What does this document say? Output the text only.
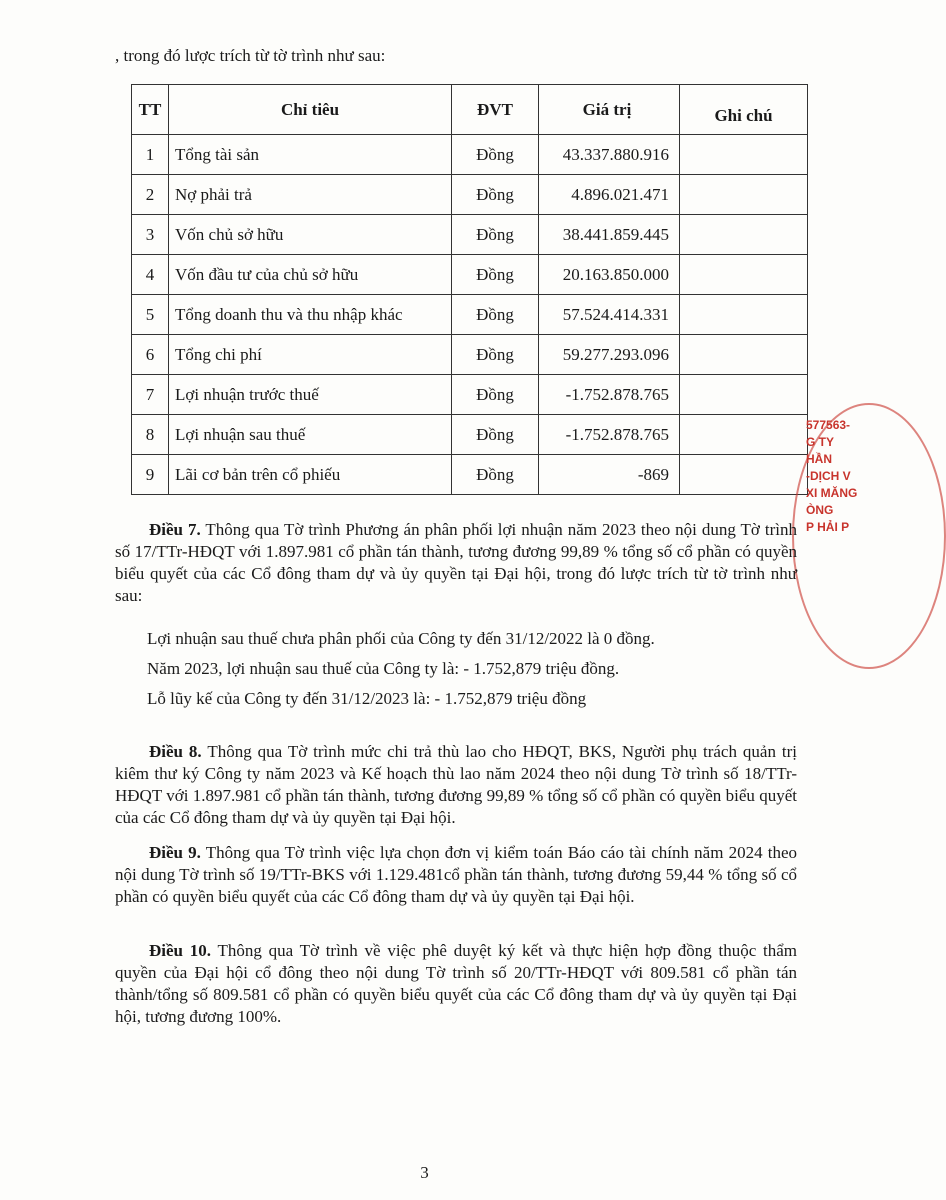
, trong đó lược trích từ tờ trình như sau:
TT	Chỉ tiêu	ĐVT	Giá trị	Ghi chú
1	Tổng tài sản	Đồng	43.337.880.916	
2	Nợ phải trả	Đồng	4.896.021.471	
3	Vốn chủ sở hữu	Đồng	38.441.859.445	
4	Vốn đầu tư của chủ sở hữu	Đồng	20.163.850.000	
5	Tổng doanh thu và thu nhập khác	Đồng	57.524.414.331	
6	Tổng chi phí	Đồng	59.277.293.096	
7	Lợi nhuận trước thuế	Đồng	-1.752.878.765	
8	Lợi nhuận sau thuế	Đồng	-1.752.878.765	
9	Lãi cơ bản trên cổ phiếu	Đồng	-869	
577563-
G TY
HẦN
-DỊCH V
XI MĂNG
ÒNG
P HẢI P

Điều 7. Thông qua Tờ trình Phương án phân phối lợi nhuận năm 2023 theo nội dung Tờ trình số 17/TTr-HĐQT với 1.897.981 cổ phần tán thành, tương đương 99,89 % tổng số cổ phần có quyền biểu quyết của các Cổ đông tham dự và ủy quyền tại Đại hội, trong đó lược trích từ tờ trình như sau:

Lợi nhuận sau thuế chưa phân phối của Công ty đến 31/12/2022 là 0 đồng.

Năm 2023, lợi nhuận sau thuế của Công ty là: - 1.752,879 triệu đồng.

Lỗ lũy kế của Công ty đến 31/12/2023 là: - 1.752,879 triệu đồng

Điều 8. Thông qua Tờ trình mức chi trả thù lao cho HĐQT, BKS, Người phụ trách quản trị kiêm thư ký Công ty năm 2023 và Kế hoạch thù lao năm 2024 theo nội dung Tờ trình số 18/TTr-HĐQT với 1.897.981 cổ phần tán thành, tương đương 99,89 % tổng số cổ phần có quyền biểu quyết của các Cổ đông tham dự và ủy quyền tại Đại hội.

Điều 9. Thông qua Tờ trình việc lựa chọn đơn vị kiểm toán Báo cáo tài chính năm 2024 theo nội dung Tờ trình số 19/TTr-BKS với 1.129.481cổ phần tán thành, tương đương 59,44 % tổng số cổ phần có quyền biểu quyết của các Cổ đông tham dự và ủy quyền tại Đại hội.

Điều 10. Thông qua Tờ trình về việc phê duyệt ký kết và thực hiện hợp đồng thuộc thẩm quyền của Đại hội cổ đông theo nội dung Tờ trình số 20/TTr-HĐQT với 809.581 cổ phần tán thành/tổng số 809.581 cổ phần có quyền biểu quyết của các Cổ đông tham dự và ủy quyền tại Đại hội, tương đương 100%.

3
